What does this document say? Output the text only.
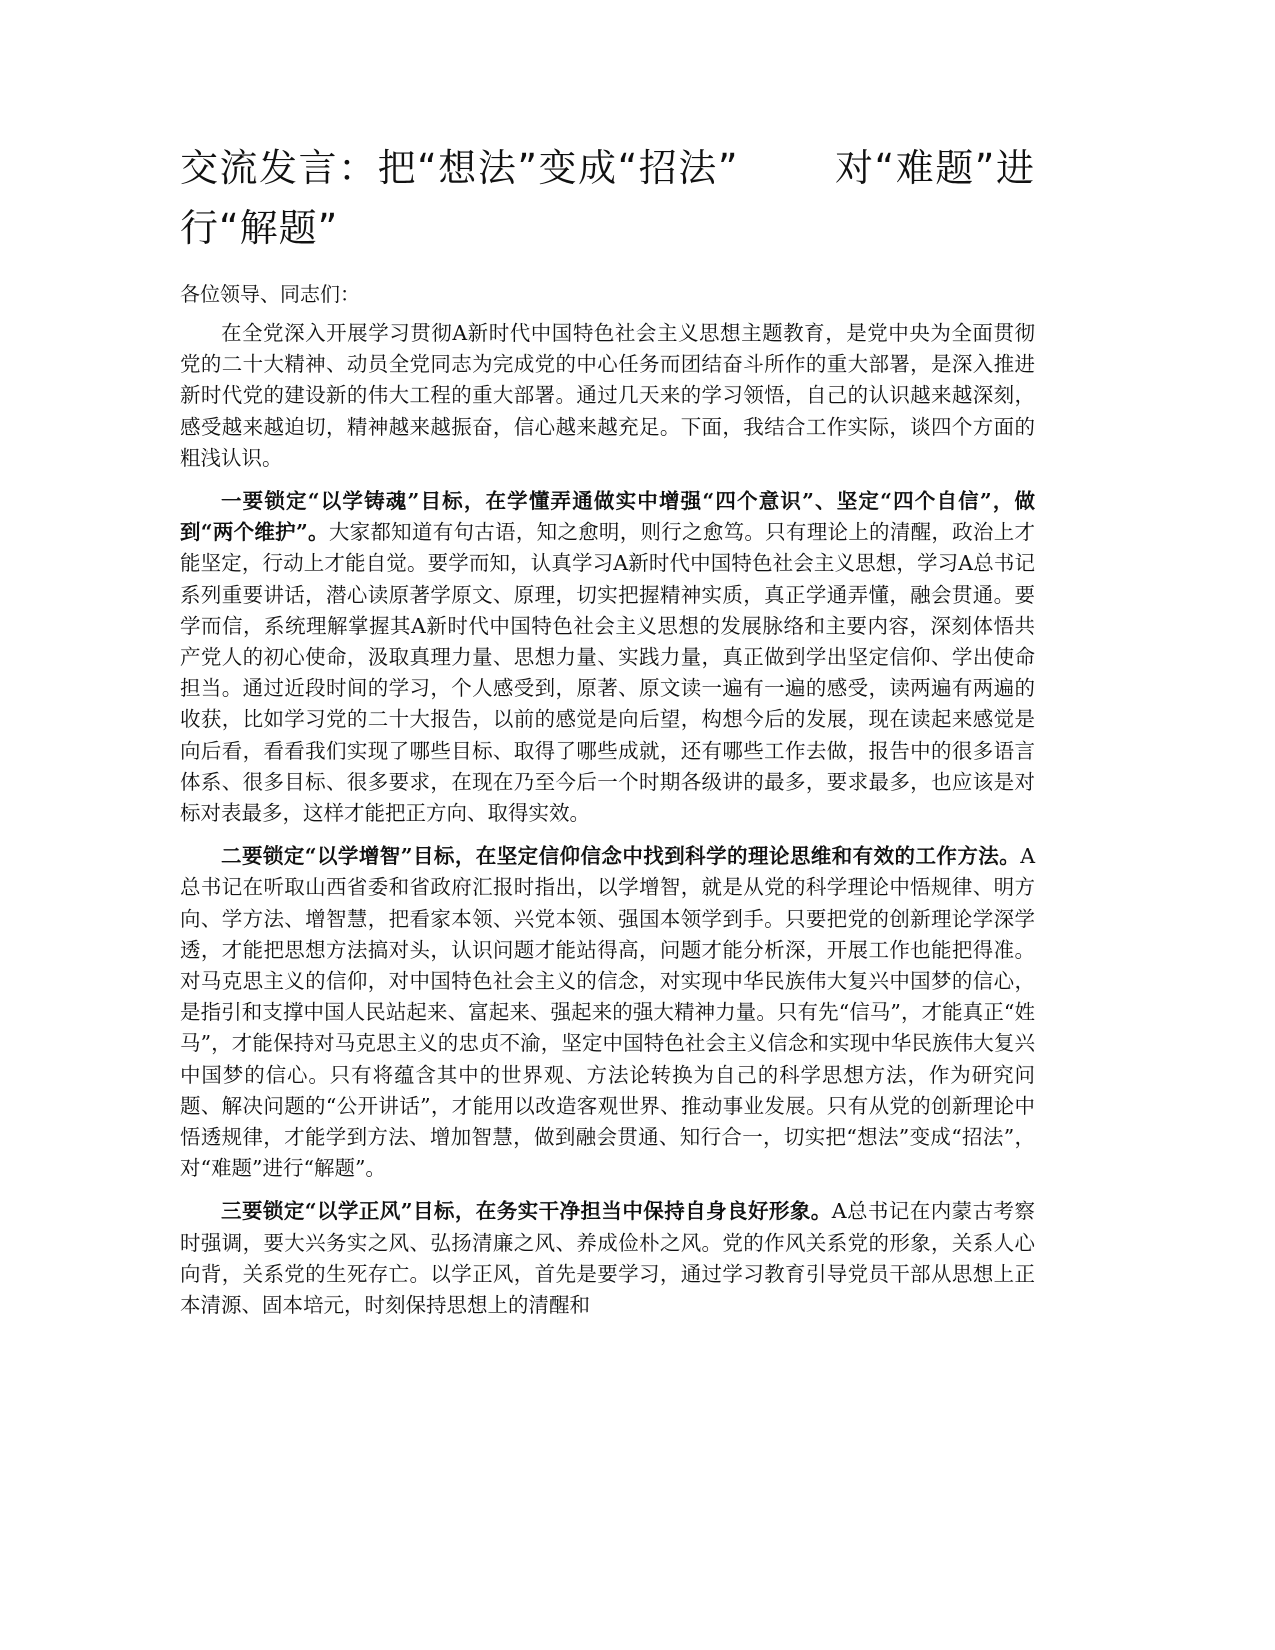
交流发言：把“想法”变成“招法”	对“难题”进行“解题”

各位领导、同志们：

在全党深入开展学习贯彻A新时代中国特色社会主义思想主题教育，是党中央为全面贯彻党的二十大精神、动员全党同志为完成党的中心任务而团结奋斗所作的重大部署，是深入推进新时代党的建设新的伟大工程的重大部署。通过几天来的学习领悟，自己的认识越来越深刻，感受越来越迫切，精神越来越振奋，信心越来越充足。下面，我结合工作实际，谈四个方面的粗浅认识。

一要锁定“以学铸魂”目标，在学懂弄通做实中增强“四个意识”、坚定“四个自信”，做到“两个维护”。大家都知道有句古语，知之愈明，则行之愈笃。只有理论上的清醒，政治上才能坚定，行动上才能自觉。要学而知，认真学习A新时代中国特色社会主义思想，学习A总书记系列重要讲话，潜心读原著学原文、原理，切实把握精神实质，真正学通弄懂，融会贯通。要学而信，系统理解掌握其A新时代中国特色社会主义思想的发展脉络和主要内容，深刻体悟共产党人的初心使命，汲取真理力量、思想力量、实践力量，真正做到学出坚定信仰、学出使命担当。通过近段时间的学习，个人感受到，原著、原文读一遍有一遍的感受，读两遍有两遍的收获，比如学习党的二十大报告，以前的感觉是向后望，构想今后的发展，现在读起来感觉是向后看，看看我们实现了哪些目标、取得了哪些成就，还有哪些工作去做，报告中的很多语言体系、很多目标、很多要求，在现在乃至今后一个时期各级讲的最多，要求最多，也应该是对标对表最多，这样才能把正方向、取得实效。

二要锁定“以学增智”目标，在坚定信仰信念中找到科学的理论思维和有效的工作方法。A总书记在听取山西省委和省政府汇报时指出，以学增智，就是从党的科学理论中悟规律、明方向、学方法、增智慧，把看家本领、兴党本领、强国本领学到手。只要把党的创新理论学深学透，才能把思想方法搞对头，认识问题才能站得高，问题才能分析深，开展工作也能把得准。对马克思主义的信仰，对中国特色社会主义的信念，对实现中华民族伟大复兴中国梦的信心，是指引和支撑中国人民站起来、富起来、强起来的强大精神力量。只有先“信马”，才能真正“姓马”，才能保持对马克思主义的忠贞不渝，坚定中国特色社会主义信念和实现中华民族伟大复兴中国梦的信心。只有将蕴含其中的世界观、方法论转换为自己的科学思想方法，作为研究问题、解决问题的“公开讲话”，才能用以改造客观世界、推动事业发展。只有从党的创新理论中悟透规律，才能学到方法、增加智慧，做到融会贯通、知行合一，切实把“想法”变成“招法”，对“难题”进行“解题”。

三要锁定“以学正风”目标，在务实干净担当中保持自身良好形象。A总书记在内蒙古考察时强调，要大兴务实之风、弘扬清廉之风、养成俭朴之风。党的作风关系党的形象，关系人心向背，关系党的生死存亡。以学正风，首先是要学习，通过学习教育引导党员干部从思想上正本清源、固本培元，时刻保持思想上的清醒和
